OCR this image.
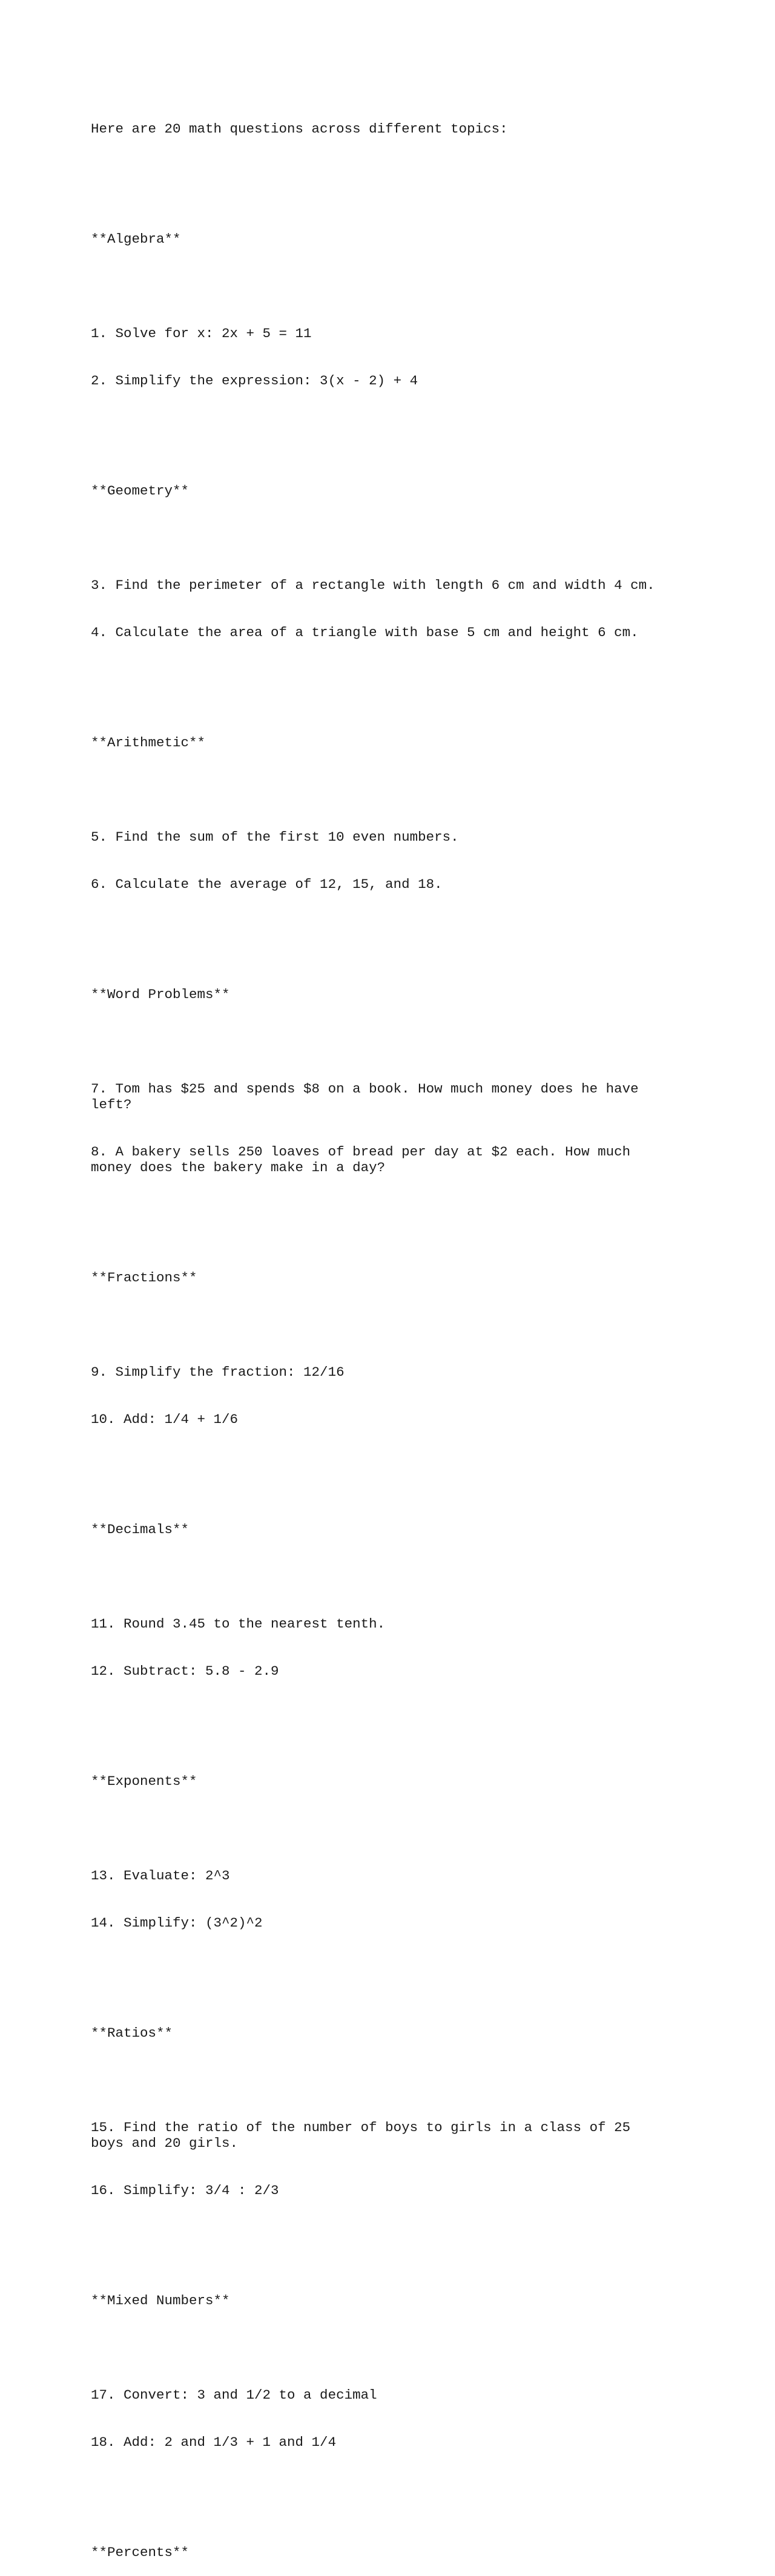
Here are 20 math questions across different topics:

**Algebra**

1. Solve for x: 2x + 5 = 11

2. Simplify the expression: 3(x - 2) + 4

**Geometry**

3. Find the perimeter of a rectangle with length 6 cm and width 4 cm.

4. Calculate the area of a triangle with base 5 cm and height 6 cm.

**Arithmetic**

5. Find the sum of the first 10 even numbers.

6. Calculate the average of 12, 15, and 18.

**Word Problems**

7. Tom has $25 and spends $8 on a book. How much money does he have
left?

8. A bakery sells 250 loaves of bread per day at $2 each. How much
money does the bakery make in a day?

**Fractions**

9. Simplify the fraction: 12/16

10. Add: 1/4 + 1/6

**Decimals**

11. Round 3.45 to the nearest tenth.

12. Subtract: 5.8 - 2.9

**Exponents**

13. Evaluate: 2^3

14. Simplify: (3^2)^2

**Ratios**

15. Find the ratio of the number of boys to girls in a class of 25
boys and 20 girls.

16. Simplify: 3/4 : 2/3

**Mixed Numbers**

17. Convert: 3 and 1/2 to a decimal

18. Add: 2 and 1/3 + 1 and 1/4

**Percents**
